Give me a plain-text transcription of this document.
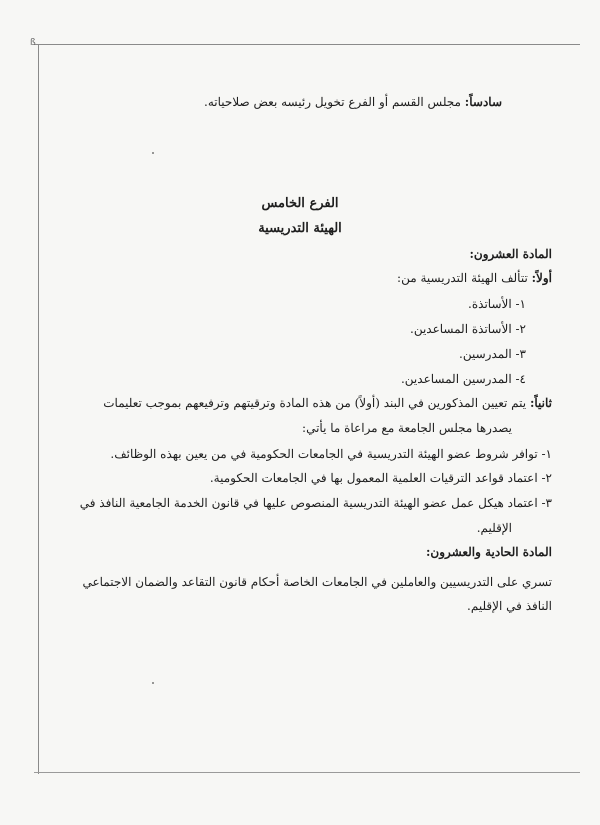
ß
سادساً: مجلس القسم أو الفرع تخويل رئيسه بعض صلاحياته.
الفرع الخامس
الهيئة التدريسية
المادة العشرون:
أولاً: تتألف الهيئة التدريسية من:
١- الأساتذة.
٢- الأساتذة المساعدين.
٣- المدرسين.
٤- المدرسين المساعدين.
ثانياً: يتم تعيين المذكورين في البند (أولاً) من هذه المادة وترقيتهم وترفيعهم بموجب تعليمات
يصدرها مجلس الجامعة مع مراعاة ما يأتي:
١- توافر شروط عضو الهيئة التدريسية في الجامعات الحكومية في من يعين بهذه الوظائف.
٢- اعتماد قواعد الترقيات العلمية المعمول بها في الجامعات الحكومية.
٣- اعتماد هيكل عمل عضو الهيئة التدريسية المنصوص عليها في قانون الخدمة الجامعية النافذ في
الإقليم.
المادة الحادية والعشرون:
تسري على التدريسيين والعاملين في الجامعات الخاصة أحكام قانون التقاعد والضمان الاجتماعي
النافذ في الإقليم.
